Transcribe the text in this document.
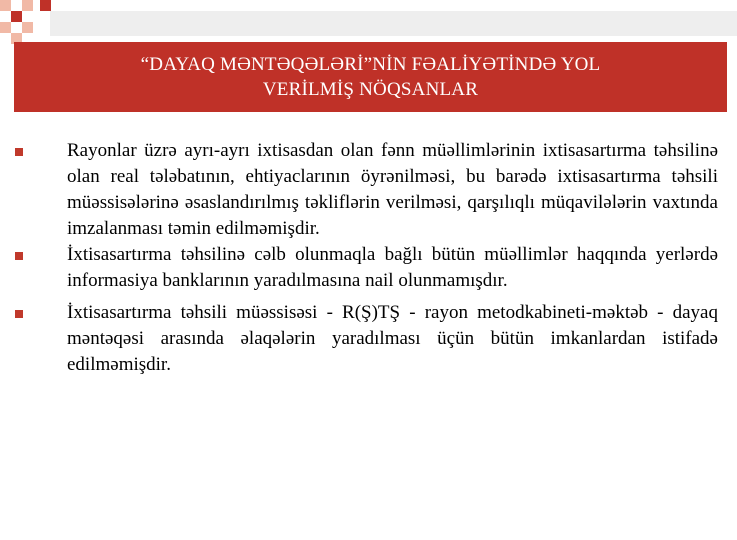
“DAYAQ MƏNTƏQƏLƏRİ”NİN FƏALİYƏTİNDƏ YOL
VERİLMİŞ NÖQSANLAR
Rayonlar üzrə ayrı-ayrı ixtisasdan olan fənn müəllimlərinin ixtisasartırma təhsilinə olan real tələbatının, ehtiyaclarının öyrənilməsi, bu barədə ixtisasartırma təhsili müəssisələrinə əsaslandırılmış təkliflərin verilməsi, qarşılıqlı müqavilələrin vaxtında imzalanması təmin edilməmişdir.
İxtisasartırma təhsilinə cəlb olunmaqla bağlı bütün müəllimlər haqqında yerlərdə informasiya banklarının yaradılmasına nail olunmamışdır.
İxtisasartırma təhsili müəssisəsi - R(Ş)TŞ - rayon metodkabineti-məktəb - dayaq məntəqəsi arasında əlaqələrin yaradılması üçün bütün imkanlardan istifadə edilməmişdir.
